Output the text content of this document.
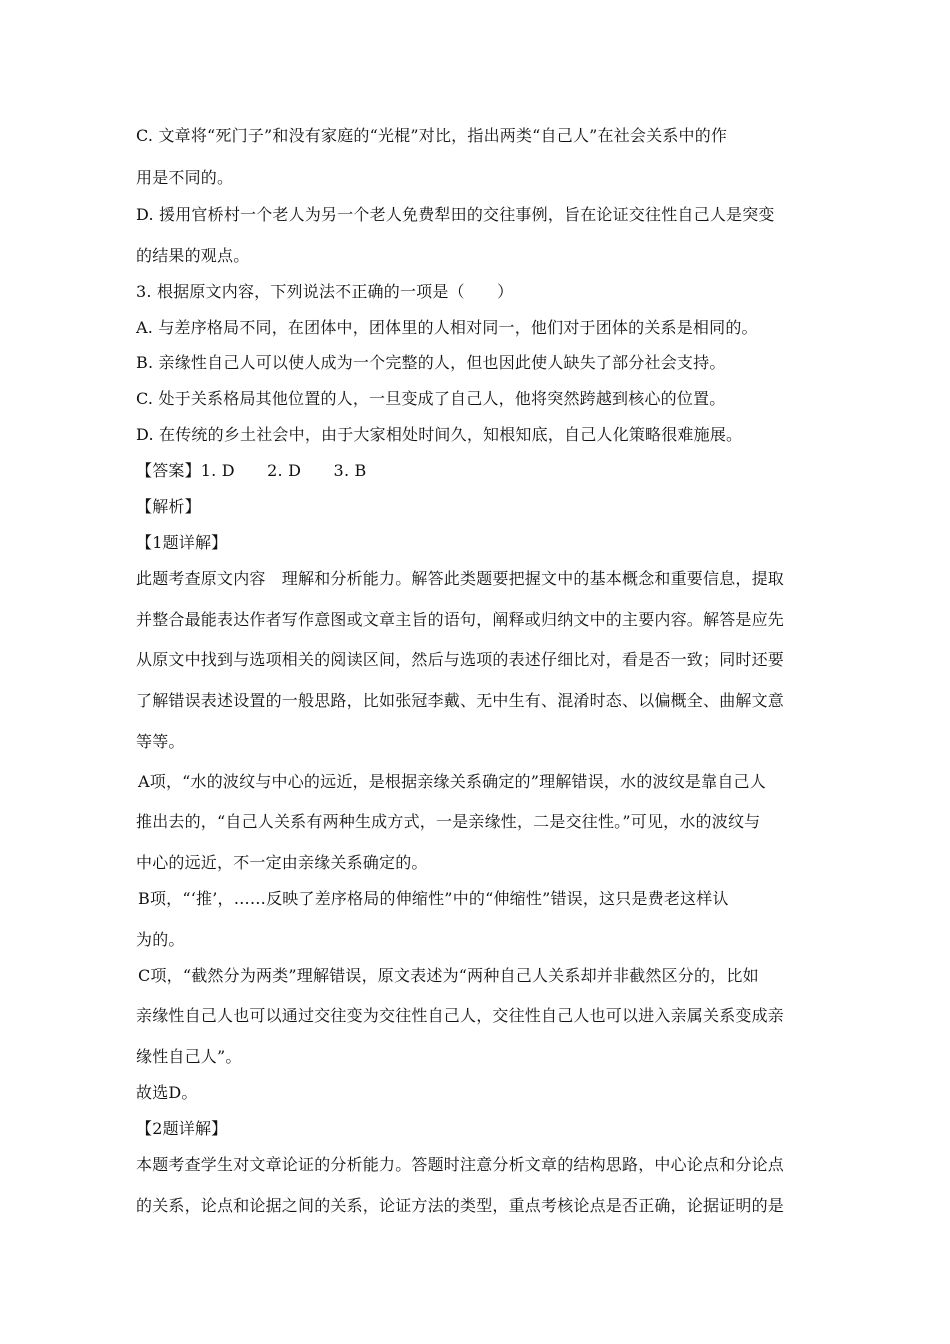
C. 文章将“死门子”和没有家庭的“光棍”对比，指出两类“自己人”在社会关系中的作
用是不同的。
D. 援用官桥村一个老人为另一个老人免费犁田的交往事例，旨在论证交往性自己人是突变
的结果的观点。
3. 根据原文内容，下列说法不正确的一项是（　　）
A. 与差序格局不同，在团体中，团体里的人相对同一，他们对于团体的关系是相同的。
B. 亲缘性自己人可以使人成为一个完整的人，但也因此使人缺失了部分社会支持。
C. 处于关系格局其他位置的人，一旦变成了自己人，他将突然跨越到核心的位置。
D. 在传统的乡土社会中，由于大家相处时间久，知根知底，自己人化策略很难施展。
【答案】1. D　　2. D　　3. B
【解析】
【1题详解】
此题考查原文内容　理解和分析能力。解答此类题要把握文中的基本概念和重要信息，提取
并整合最能表达作者写作意图或文章主旨的语句，阐释或归纳文中的主要内容。解答是应先
从原文中找到与选项相关的阅读区间，然后与选项的表述仔细比对，看是否一致；同时还要
了解错误表述设置的一般思路，比如张冠李戴、无中生有、混淆时态、以偏概全、曲解文意
等等。
A项，“水的波纹与中心的远近，是根据亲缘关系确定的”理解错误，水的波纹是靠自己人
推出去的，“自己人关系有两种生成方式，一是亲缘性，二是交往性。”可见，水的波纹与
中心的远近，不一定由亲缘关系确定的。
B项，“‘推’，……反映了差序格局的伸缩性”中的“伸缩性”错误，这只是费老这样认
为的。
C项，“截然分为两类”理解错误，原文表述为“两种自己人关系却并非截然区分的，比如
亲缘性自己人也可以通过交往变为交往性自己人，交往性自己人也可以进入亲属关系变成亲
缘性自己人”。
故选D。
【2题详解】
本题考查学生对文章论证的分析能力。答题时注意分析文章的结构思路，中心论点和分论点
的关系，论点和论据之间的关系，论证方法的类型，重点考核论点是否正确，论据证明的是
